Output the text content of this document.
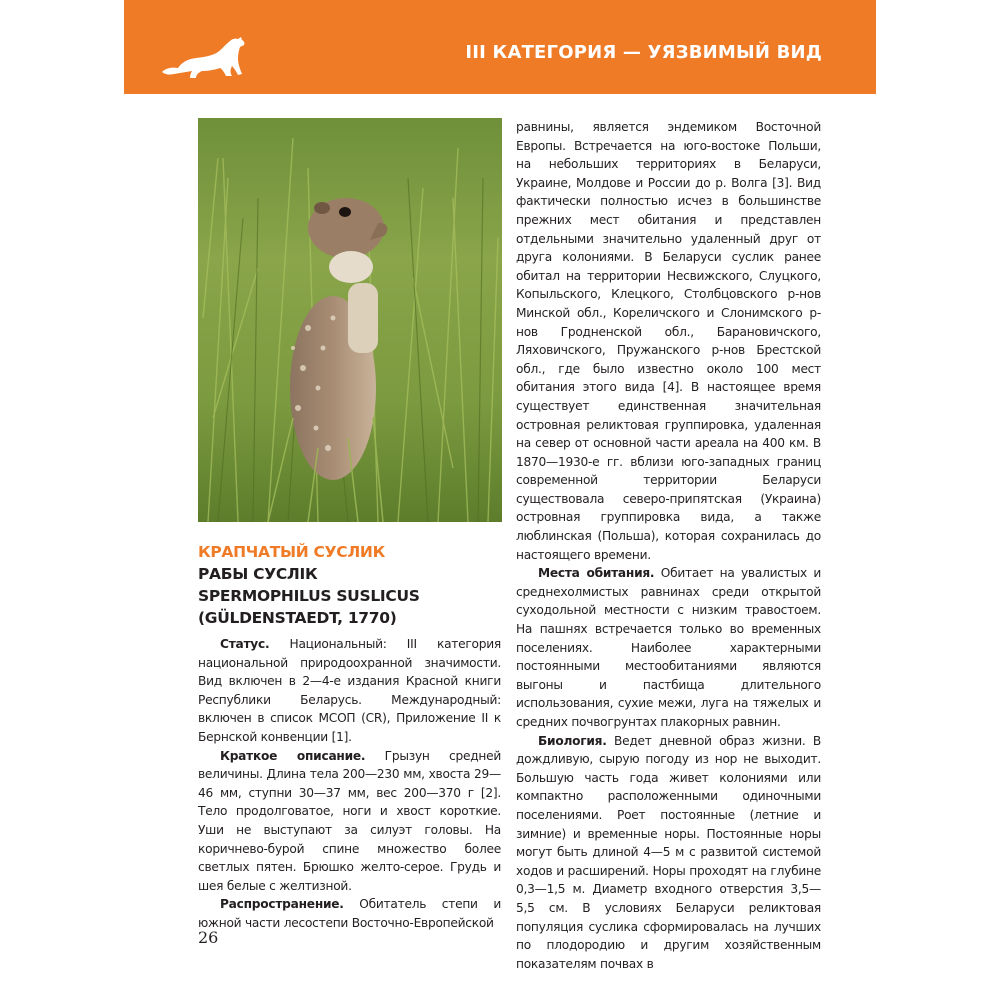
III КАТЕГОРИЯ — УЯЗВИМЫЙ ВИД
КРАПЧАТЫЙ СУСЛИК
РАБЫ СУСЛІК
SPERMOPHILUS SUSLICUS
(GÜLDENSTAEDT, 1770)

Статус. Национальный: III категория национальной природоохранной значимости. Вид включен в 2—4-е издания Красной книги Республики Беларусь. Международный: включен в список МСОП (CR), Приложение II к Бернской конвенции [1].

Краткое описание. Грызун средней величины. Длина тела 200—230 мм, хвоста 29—46 мм, ступни 30—37 мм, вес 200—370 г [2]. Тело продолговатое, ноги и хвост короткие. Уши не выступают за силуэт головы. На коричнево-бурой спине множество более светлых пятен. Брюшко желто-серое. Грудь и шея белые с желтизной.

Распространение. Обитатель степи и южной части лесостепи Восточно-Европейской

равнины, является эндемиком Восточной Европы. Встречается на юго-востоке Польши, на небольших территориях в Беларуси, Украине, Молдове и России до р. Волга [3]. Вид фактически полностью исчез в большинстве прежних мест обитания и представлен отдельными значительно удаленный друг от друга колониями. В Беларуси суслик ранее обитал на территории Несвижского, Слуцкого, Копыльского, Клецкого, Столбцовского р-нов Минской обл., Кореличского и Слонимского р-нов Гродненской обл., Барановичского, Ляховичского, Пружанского р-нов Брестской обл., где было известно около 100 мест обитания этого вида [4]. В настоящее время существует единственная значительная островная реликтовая группировка, удаленная на север от основной части ареала на 400 км. В 1870—1930-е гг. вблизи юго-западных границ современной территории Беларуси существовала северо-припятская (Украина) островная группировка вида, а также люблинская (Польша), которая сохранилась до настоящего времени.

Места обитания. Обитает на увалистых и среднехолмистых равнинах среди открытой суходольной местности с низким травостоем. На пашнях встречается только во временных поселениях. Наиболее характерными постоянными местообитаниями являются выгоны и пастбища длительного использования, сухие межи, луга на тяжелых и средних почвогрунтах плакорных равнин.

Биология. Ведет дневной образ жизни. В дождливую, сырую погоду из нор не выходит. Большую часть года живет колониями или компактно расположенными одиночными поселениями. Роет постоянные (летние и зимние) и временные норы. Постоянные норы могут быть длиной 4—5 м с развитой системой ходов и расширений. Норы проходят на глубине 0,3—1,5 м. Диаметр входного отверстия 3,5—5,5 см. В условиях Беларуси реликтовая популяция суслика сформировалась на лучших по плодородию и другим хозяйственным показателям почвах в

26
